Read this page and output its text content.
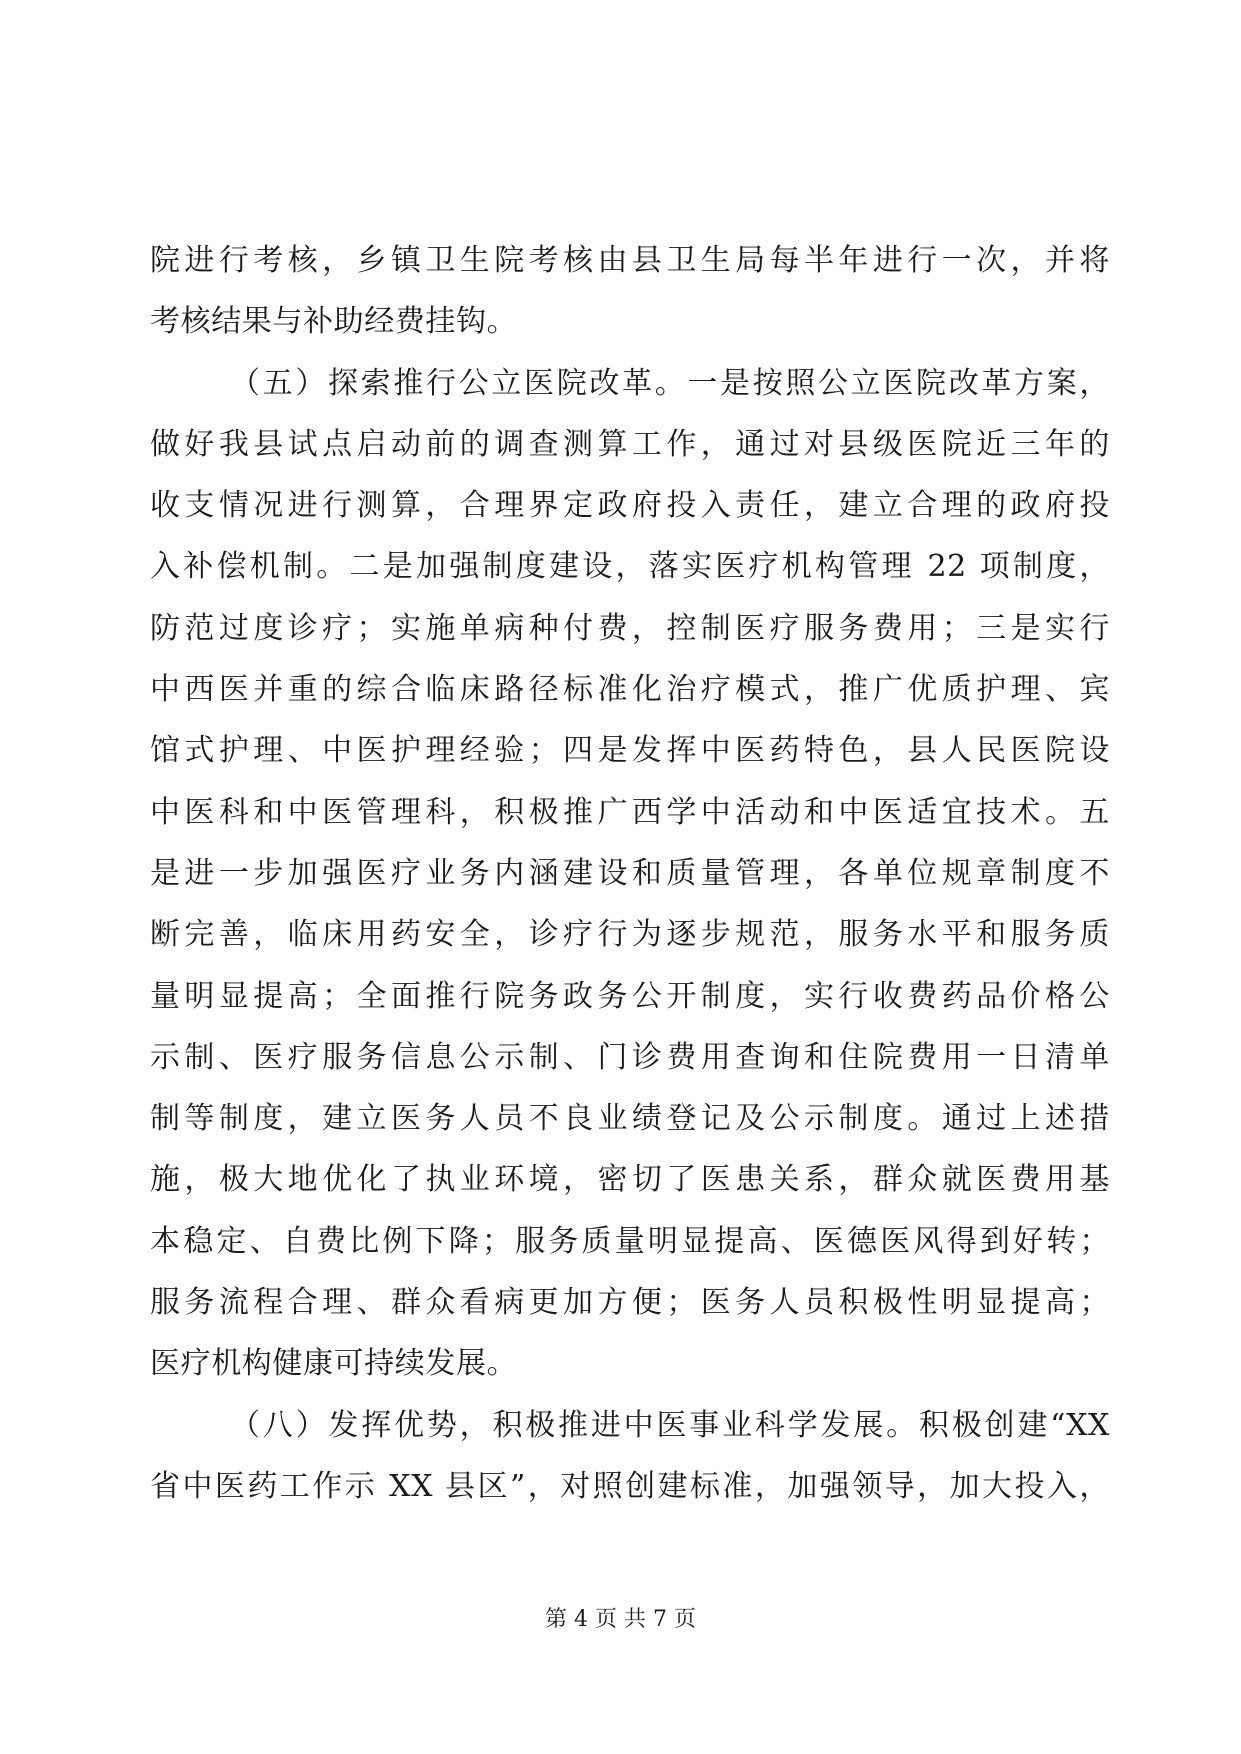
院进行考核，乡镇卫生院考核由县卫生局每半年进行一次，并将
考核结果与补助经费挂钩。
（五）探索推行公立医院改革。一是按照公立医院改革方案，
做好我县试点启动前的调查测算工作，通过对县级医院近三年的
收支情况进行测算，合理界定政府投入责任，建立合理的政府投
入补偿机制。二是加强制度建设，落实医疗机构管理 22 项制度，
防范过度诊疗；实施单病种付费，控制医疗服务费用；三是实行
中西医并重的综合临床路径标准化治疗模式，推广优质护理、宾
馆式护理、中医护理经验；四是发挥中医药特色，县人民医院设
中医科和中医管理科，积极推广西学中活动和中医适宜技术。五
是进一步加强医疗业务内涵建设和质量管理，各单位规章制度不
断完善，临床用药安全，诊疗行为逐步规范，服务水平和服务质
量明显提高；全面推行院务政务公开制度，实行收费药品价格公
示制、医疗服务信息公示制、门诊费用查询和住院费用一日清单
制等制度，建立医务人员不良业绩登记及公示制度。通过上述措
施，极大地优化了执业环境，密切了医患关系，群众就医费用基
本稳定、自费比例下降；服务质量明显提高、医德医风得到好转；
服务流程合理、群众看病更加方便；医务人员积极性明显提高；
医疗机构健康可持续发展。
（八）发挥优势，积极推进中医事业科学发展。积极创建“XX
省中医药工作示 XX 县区”，对照创建标准，加强领导，加大投入，
第 4 页 共 7 页
